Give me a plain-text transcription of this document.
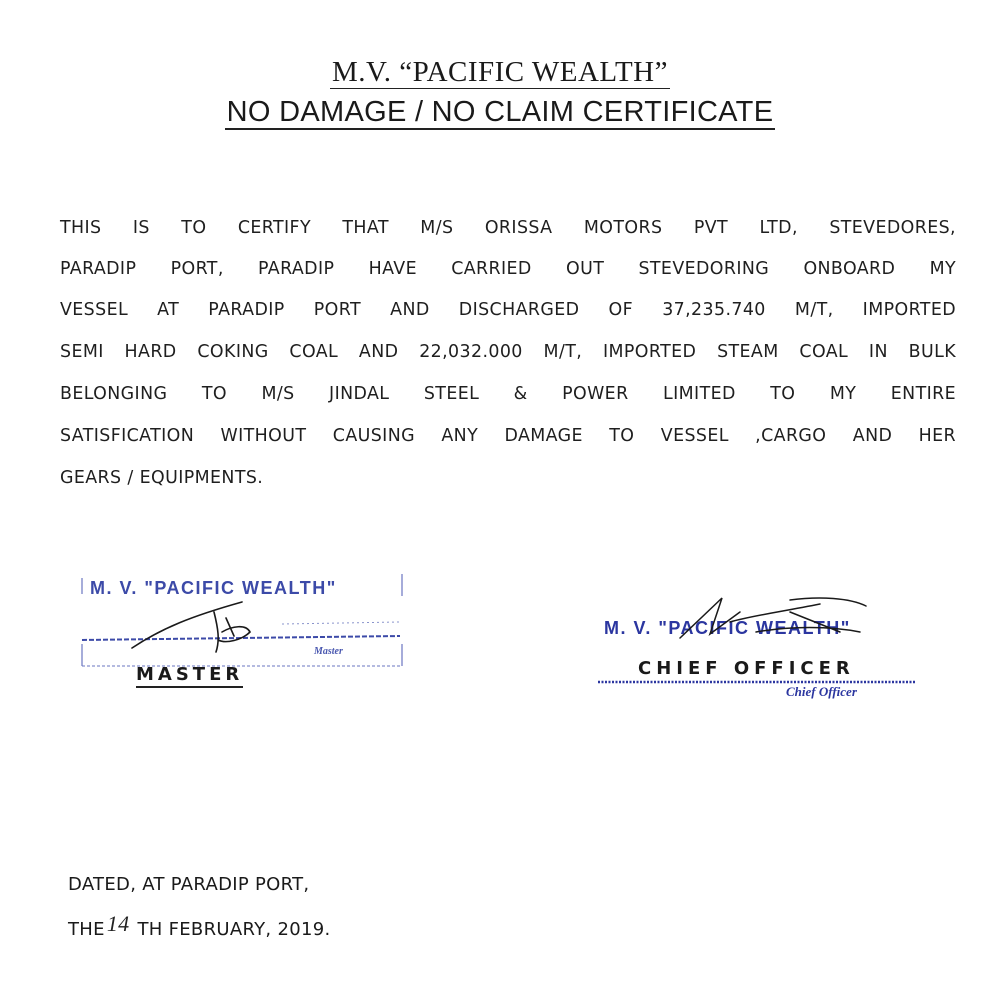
M.V. “PACIFIC WEALTH”
NO DAMAGE / NO CLAIM CERTIFICATE
THIS IS TO CERTIFY THAT M/S ORISSA MOTORS PVT LTD, STEVEDORES,
PARADIP PORT, PARADIP HAVE CARRIED OUT STEVEDORING ONBOARD MY
VESSEL AT PARADIP PORT AND DISCHARGED OF 37,235.740 M/T, IMPORTED
SEMI HARD COKING COAL AND 22,032.000 M/T, IMPORTED STEAM COAL IN BULK
BELONGING TO M/S JINDAL STEEL & POWER LIMITED TO MY ENTIRE
SATISFICATION WITHOUT CAUSING ANY DAMAGE TO VESSEL ,CARGO AND HER
GEARS / EQUIPMENTS.
M. V. "PACIFIC WEALTH"
Master
MASTER
M. V. "PACIFIC WEALTH"
CHIEF OFFICER
Chief Officer
DATED, AT PARADIP PORT,
THE14 TH FEBRUARY, 2019.
